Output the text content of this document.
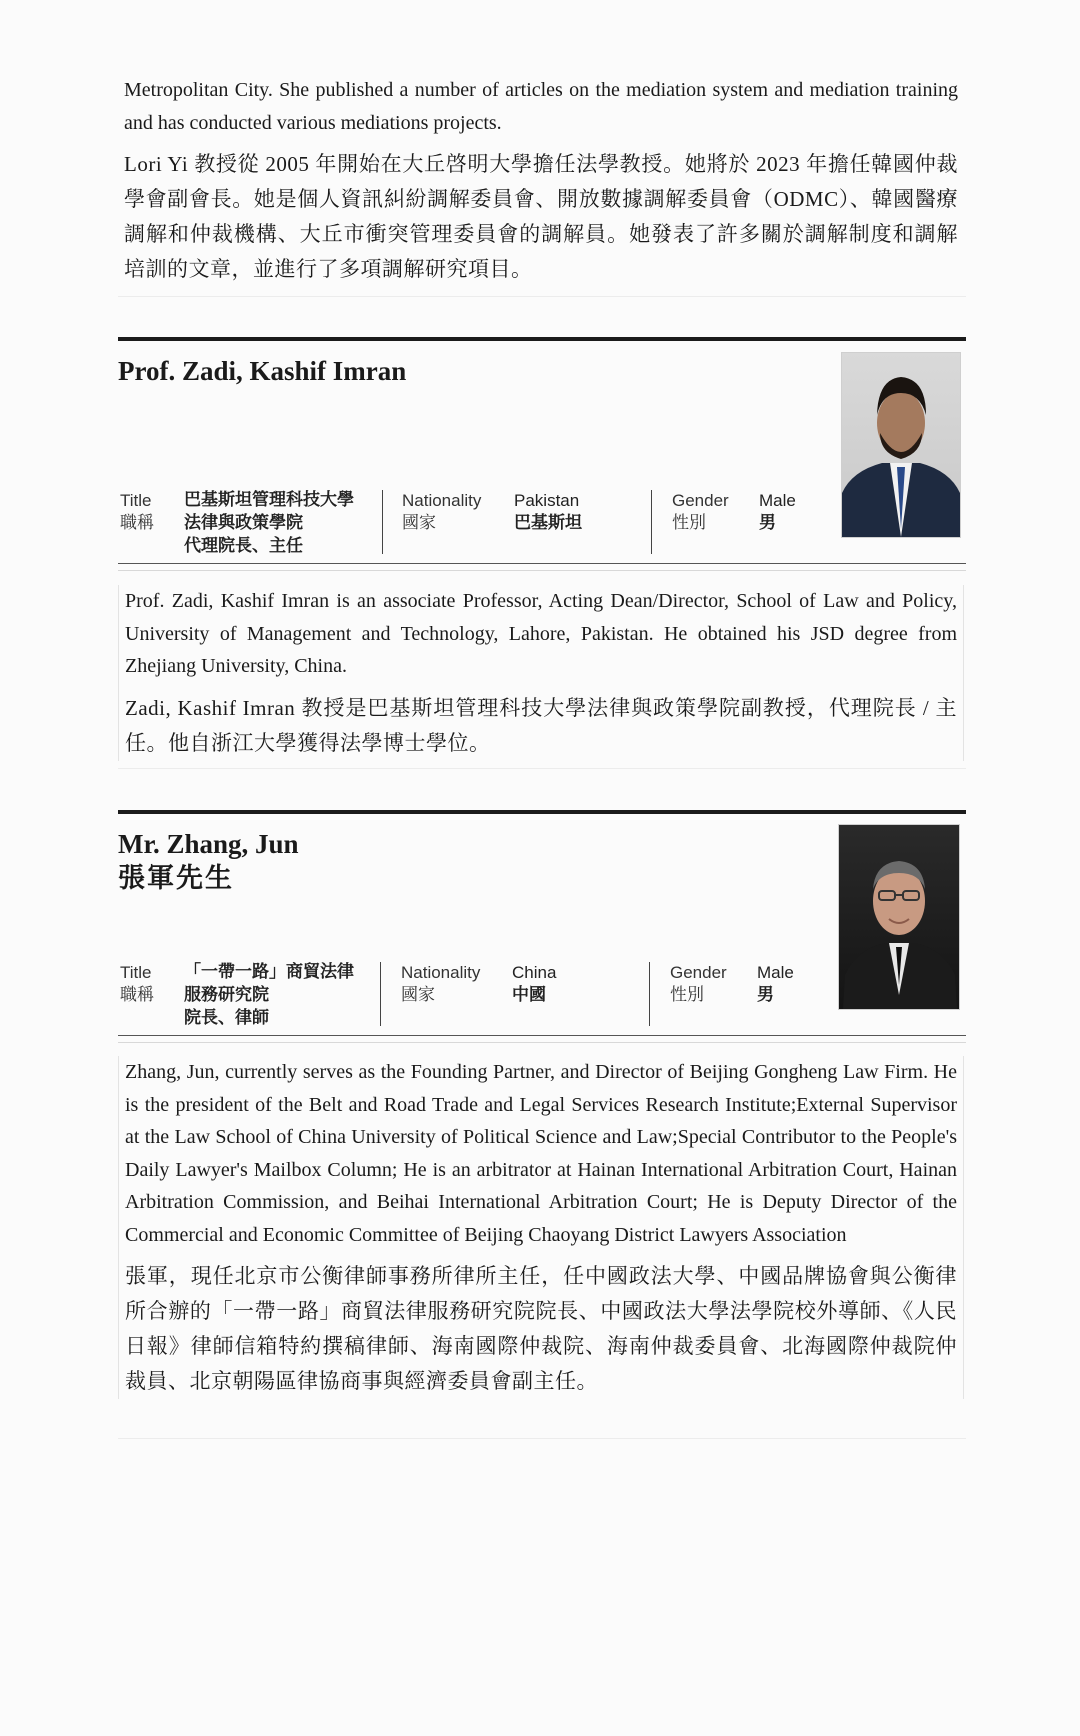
Metropolitan City. She published a number of articles on the mediation system and mediation training and has conducted various mediations projects.

Lori Yi 教授從 2005 年開始在大丘啓明大學擔任法學教授。她將於 2023 年擔任韓國仲裁學會副會長。她是個人資訊糾紛調解委員會、開放數據調解委員會（ODMC）、韓國醫療調解和仲裁機構、大丘市衝突管理委員會的調解員。她發表了許多關於調解制度和調解培訓的文章，並進行了多項調解研究項目。

Prof. Zadi, Kashif Imran
Title
職稱
巴基斯坦管理科技大學
法律與政策學院
代理院長、主任
Nationality
國家
Pakistan
巴基斯坦
Gender
性別
Male
男

Prof. Zadi, Kashif Imran is an associate Professor, Acting Dean/Director, School of Law and Policy, University of Management and Technology, Lahore, Pakistan. He obtained his JSD degree from Zhejiang University, China.

Zadi, Kashif Imran 教授是巴基斯坦管理科技大學法律與政策學院副教授，代理院長 / 主任。他自浙江大學獲得法學博士學位。

Mr. Zhang, Jun
張軍先生
Title
職稱
「一帶一路」商貿法律
服務研究院
院長、律師
Nationality
國家
China
中國
Gender
性別
Male
男

Zhang, Jun, currently serves as the Founding Partner, and Director of Beijing Gongheng Law Firm. He is the president of the Belt and Road Trade and Legal Services Research Institute;External Supervisor at the Law School of China University of Political Science and Law;Special Contributor to the People's Daily Lawyer's Mailbox Column; He is an arbitrator at Hainan International Arbitration Court, Hainan Arbitration Commission, and Beihai International Arbitration Court; He is Deputy Director of the Commercial and Economic Committee of Beijing Chaoyang District Lawyers Association

張軍，現任北京市公衡律師事務所律所主任，任中國政法大學、中國品牌協會與公衡律所合辦的「一帶一路」商貿法律服務研究院院長、中國政法大學法學院校外導師、《人民日報》律師信箱特約撰稿律師、海南國際仲裁院、海南仲裁委員會、北海國際仲裁院仲裁員、北京朝陽區律協商事與經濟委員會副主任。
